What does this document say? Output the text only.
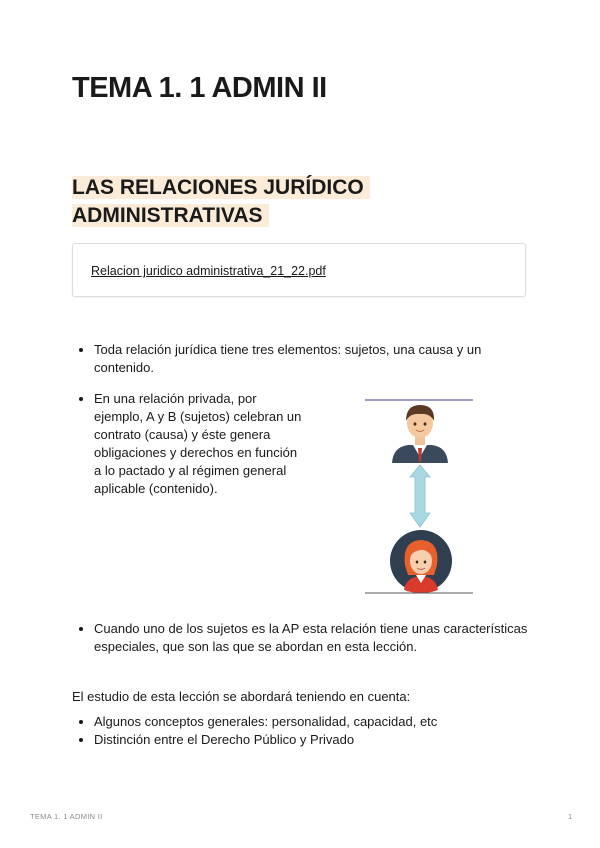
TEMA 1. 1 ADMIN II
LAS RELACIONES JURÍDICO ADMINISTRATIVAS
Relacion juridico administrativa_21_22.pdf
• Toda relación jurídica tiene tres elementos: sujetos, una causa y un contenido.
• En una relación privada, por ejemplo, A y B (sujetos) celebran un contrato (causa) y éste genera obligaciones y derechos en función a lo pactado y al régimen general aplicable (contenido).
• Cuando uno de los sujetos es la AP esta relación tiene unas características especiales, que son las que se abordan en esta lección.

El estudio de esta lección se abordará teniendo en cuenta:

• Algunos conceptos generales: personalidad, capacidad, etc
• Distinción entre el Derecho Público y Privado
TEMA 1. 1 ADMIN II	1
